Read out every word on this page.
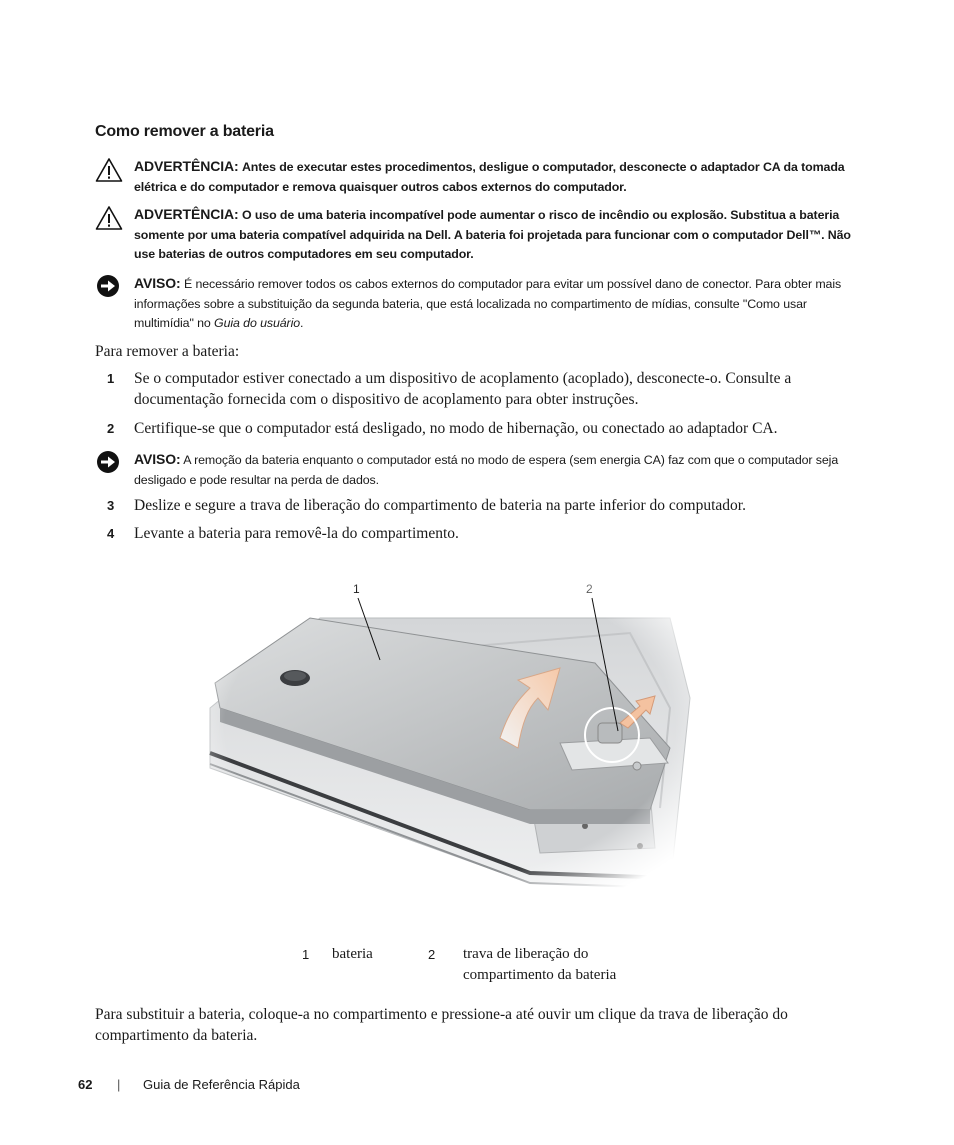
Como remover a bateria
ADVERTÊNCIA: Antes de executar estes procedimentos, desligue o computador, desconecte o adaptador CA da tomada elétrica e do computador e remova quaisquer outros cabos externos do computador.
ADVERTÊNCIA: O uso de uma bateria incompatível pode aumentar o risco de incêndio ou explosão. Substitua a bateria somente por uma bateria compatível adquirida na Dell. A bateria foi projetada para funcionar com o computador Dell™. Não use baterias de outros computadores em seu computador.
AVISO: É necessário remover todos os cabos externos do computador para evitar um possível dano de conector. Para obter mais informações sobre a substituição da segunda bateria, que está localizada no compartimento de mídias, consulte "Como usar multimídia" no Guia do usuário.
Para remover a bateria:
1 Se o computador estiver conectado a um dispositivo de acoplamento (acoplado), desconecte-o. Consulte a documentação fornecida com o dispositivo de acoplamento para obter instruções.
2 Certifique-se que o computador está desligado, no modo de hibernação, ou conectado ao adaptador CA.
AVISO: A remoção da bateria enquanto o computador está no modo de espera (sem energia CA) faz com que o computador seja desligado e pode resultar na perda de dados.
3 Deslize e segure a trava de liberação do compartimento de bateria na parte inferior do computador.
4 Levante a bateria para removê-la do compartimento.
1 bateria	2 trava de liberação do compartimento da bateria
Para substituir a bateria, coloque-a no compartimento e pressione-a até ouvir um clique da trava de liberação do compartimento da bateria.
62 | Guia de Referência Rápida
